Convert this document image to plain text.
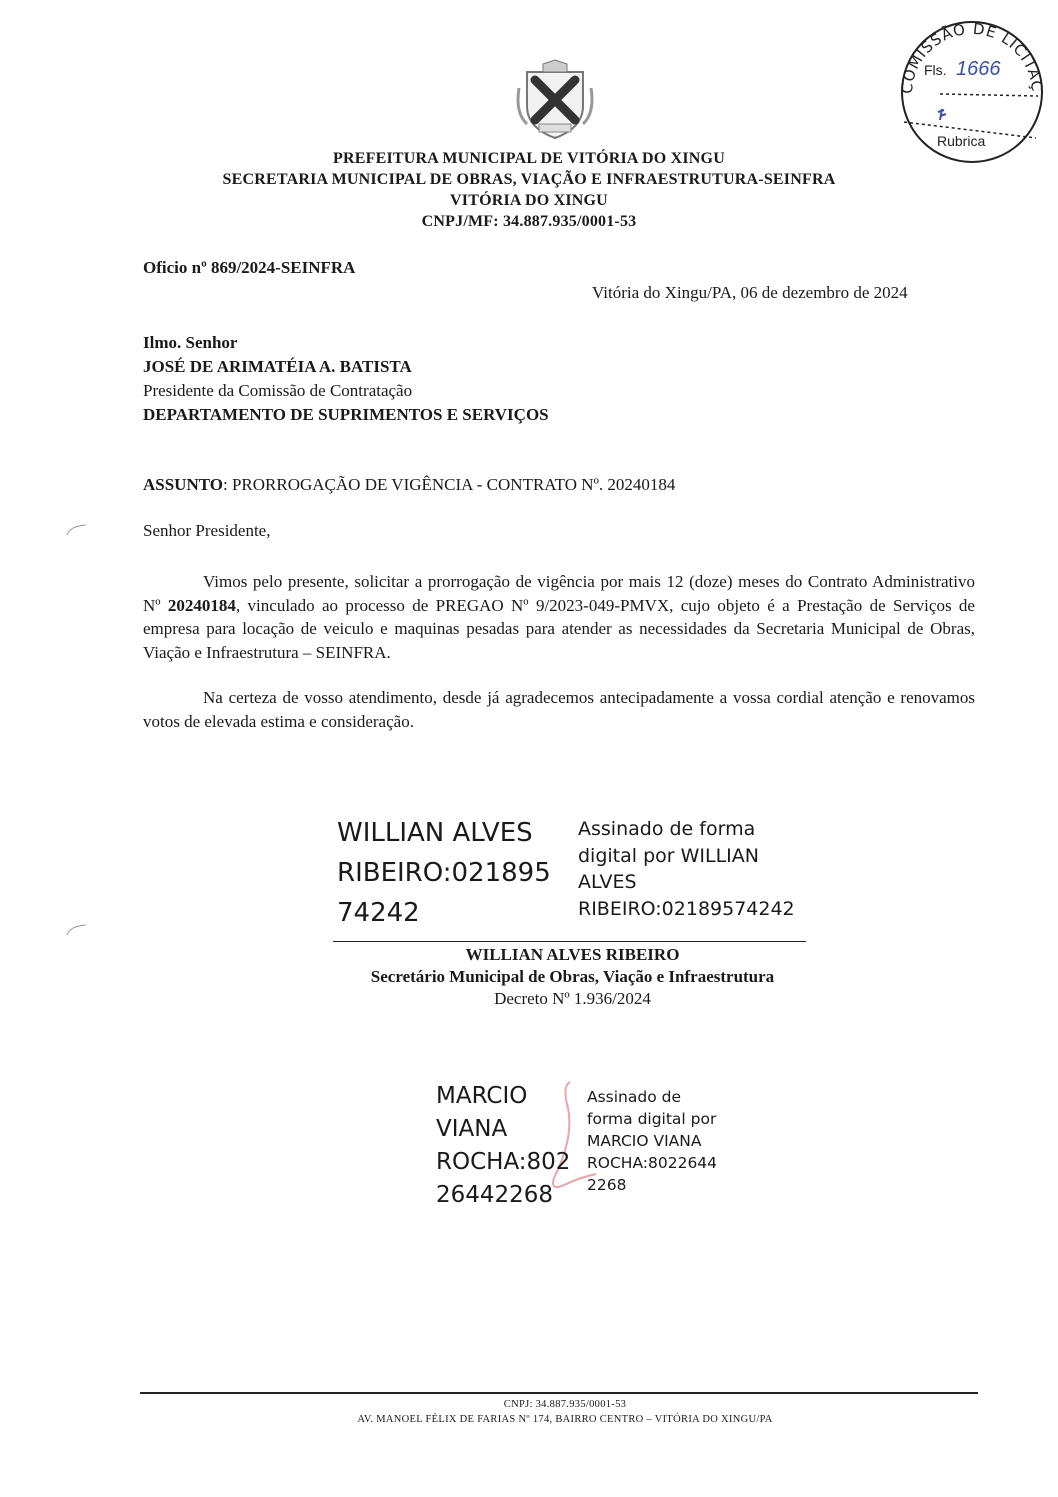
PREFEITURA MUNICIPAL DE VITÓRIA DO XINGU
SECRETARIA MUNICIPAL DE OBRAS, VIAÇÃO E INFRAESTRUTURA-SEINFRA
VITÓRIA DO XINGU
CNPJ/MF: 34.887.935/0001-53
COMISSÃO DE LICITAÇ
Fls. 1666
Rubrica
Oficio nº 869/2024-SEINFRA
Vitória do Xingu/PA, 06 de dezembro de 2024
Ilmo. Senhor
JOSÉ DE ARIMATÉIA A. BATISTA
Presidente da Comissão de Contratação
DEPARTAMENTO DE SUPRIMENTOS E SERVIÇOS
ASSUNTO: PRORROGAÇÃO DE VIGÊNCIA - CONTRATO Nº. 20240184
Senhor Presidente,
Vimos pelo presente, solicitar a prorrogação de vigência por mais 12 (doze) meses do Contrato Administrativo Nº 20240184, vinculado ao processo de PREGAO Nº 9/2023-049-PMVX, cujo objeto é a Prestação de Serviços de empresa para locação de veiculo e maquinas pesadas para atender as necessidades da Secretaria Municipal de Obras, Viação e Infraestrutura – SEINFRA.
Na certeza de vosso atendimento, desde já agradecemos antecipadamente a vossa cordial atenção e renovamos votos de elevada estima e consideração.
WILLIAN ALVES
RIBEIRO:021895
74242
Assinado de forma
digital por WILLIAN
ALVES
RIBEIRO:02189574242
WILLIAN ALVES RIBEIRO
Secretário Municipal de Obras, Viação e Infraestrutura
Decreto Nº 1.936/2024
MARCIO
VIANA
ROCHA:802
26442268
Assinado de
forma digital por
MARCIO VIANA
ROCHA:8022644
2268
CNPJ: 34.887.935/0001-53
AV. MANOEL FÉLIX DE FARIAS Nº 174, BAIRRO CENTRO – VITÓRIA DO XINGU/PA
